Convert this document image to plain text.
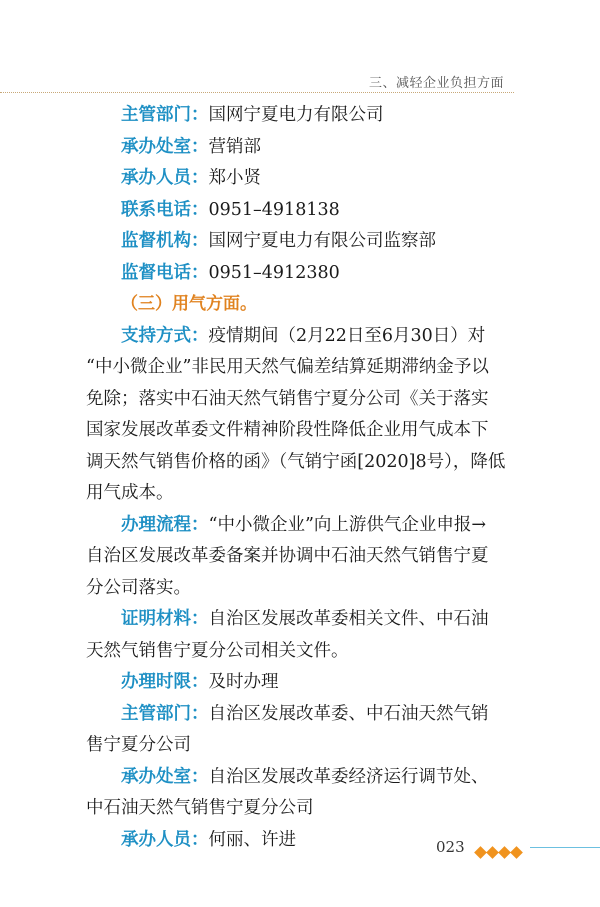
三、减轻企业负担方面

主管部门：国网宁夏电力有限公司

承办处室：营销部

承办人员：郑小贤

联系电话：0951–4918138

监督机构：国网宁夏电力有限公司监察部

监督电话：0951–4912380

（三）用气方面。

支持方式：疫情期间（2月22日至6月30日）对

“中小微企业”非民用天然气偏差结算延期滞纳金予以

免除；落实中石油天然气销售宁夏分公司《关于落实

国家发展改革委文件精神阶段性降低企业用气成本下

调天然气销售价格的函》（气销宁函[2020]8号），降低

用气成本。

办理流程：“中小微企业”向上游供气企业申报→

自治区发展改革委备案并协调中石油天然气销售宁夏

分公司落实。

证明材料：自治区发展改革委相关文件、中石油

天然气销售宁夏分公司相关文件。

办理时限：及时办理

主管部门：自治区发展改革委、中石油天然气销

售宁夏分公司

承办处室：自治区发展改革委经济运行调节处、

中石油天然气销售宁夏分公司

承办人员：何丽、许进	023
